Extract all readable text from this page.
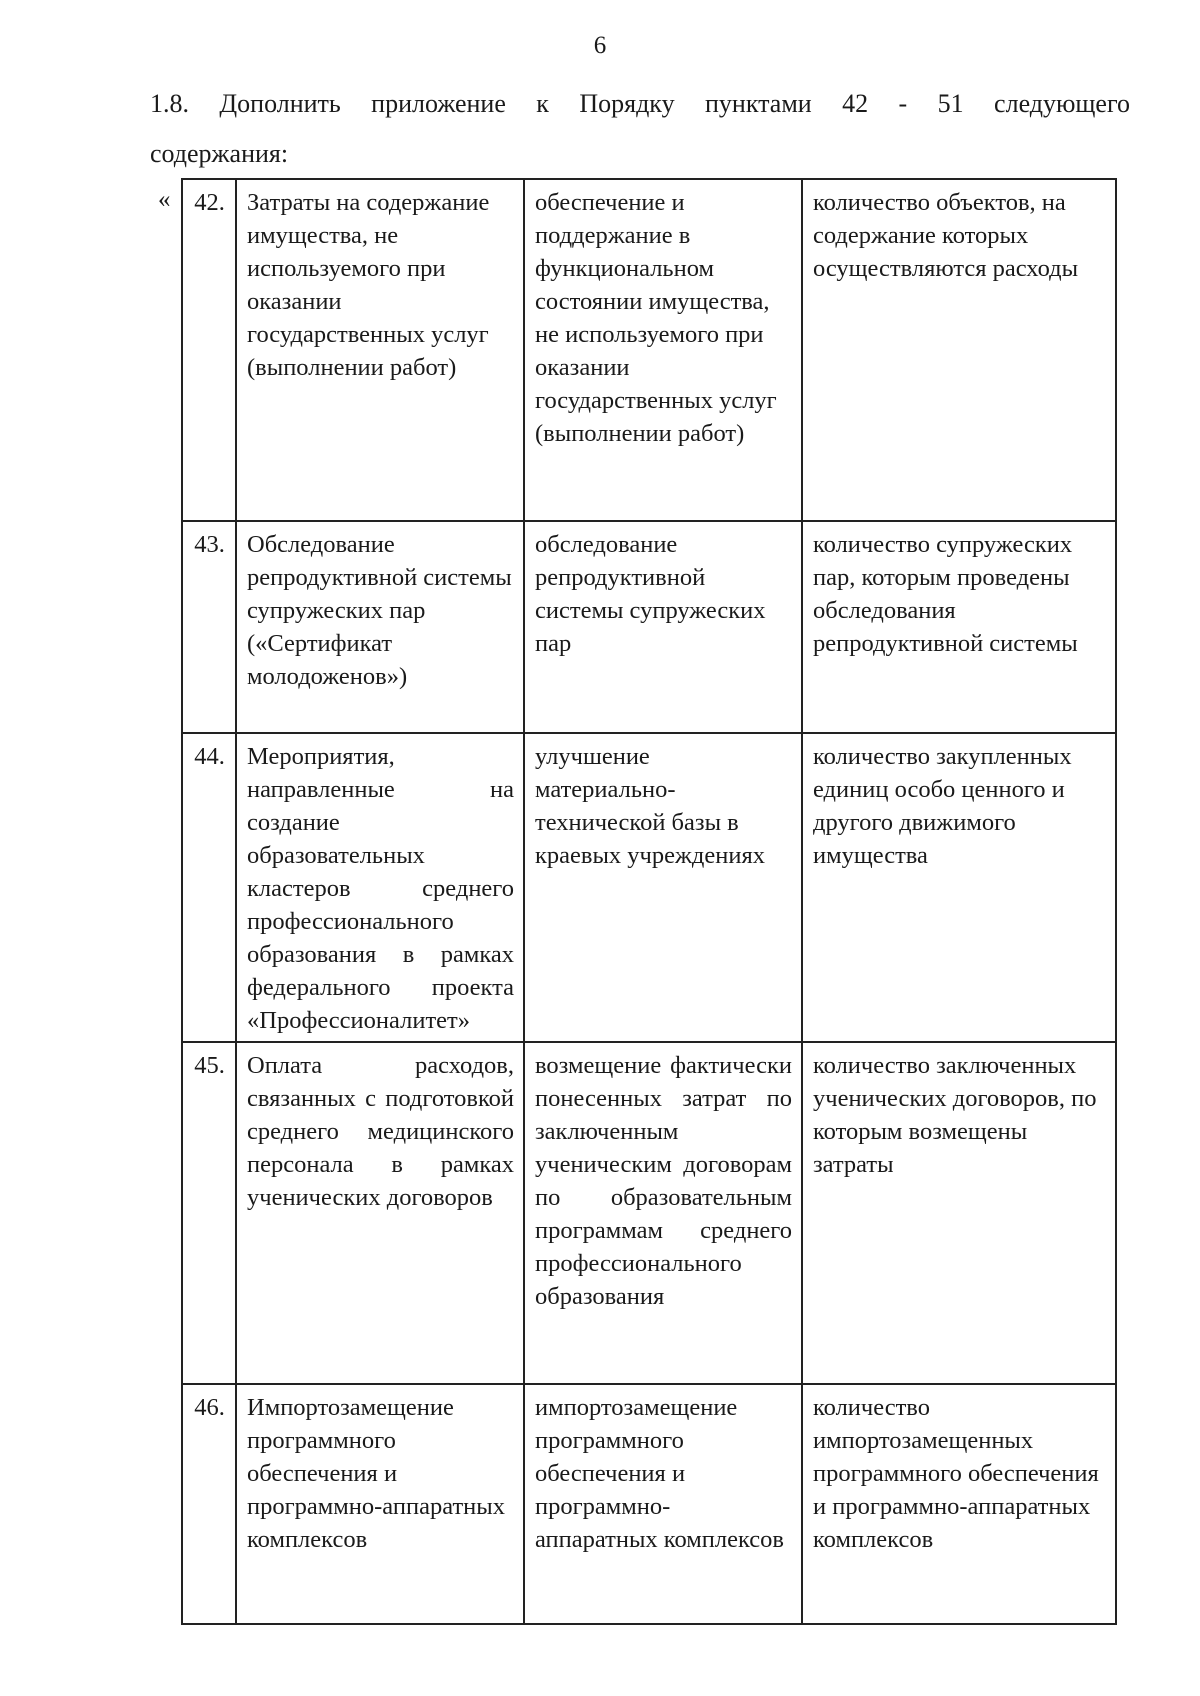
6
1.8. Дополнить приложение к Порядку пунктами 42 - 51 следующего
содержания:
« 42.	Затраты на содержание имущества, не используемого при оказании государственных услуг (выполнении работ)	обеспечение и поддержание в функциональном состоянии имущества, не используемого при оказании государственных услуг (выполнении работ)	количество объектов, на содержание которых осуществляются расходы
43.	Обследование репродуктивной системы супружеских пар («Сертификат молодоженов»)	обследование репродуктивной системы супружеских пар	количество супружеских пар, которым проведены обследования репродуктивной системы
44.	Мероприятия, направленные на создание образовательных кластеров среднего профессионального образования в рамках федерального проекта «Профессионалитет»	улучшение материально-технической базы в краевых учреждениях	количество закупленных единиц особо ценного и другого движимого имущества
45.	Оплата расходов, связанных с подготовкой среднего медицинского персонала в рамках ученических договоров	возмещение фактически понесенных затрат по заключенным ученическим договорам по образовательным программам среднего профессионального образования	количество заключенных ученических договоров, по которым возмещены затраты
46.	Импортозамещение программного обеспечения и программно-аппаратных комплексов	импортозамещение программного обеспечения и программно-аппаратных комплексов	количество импортозамещенных программного обеспечения и программно-аппаратных комплексов
